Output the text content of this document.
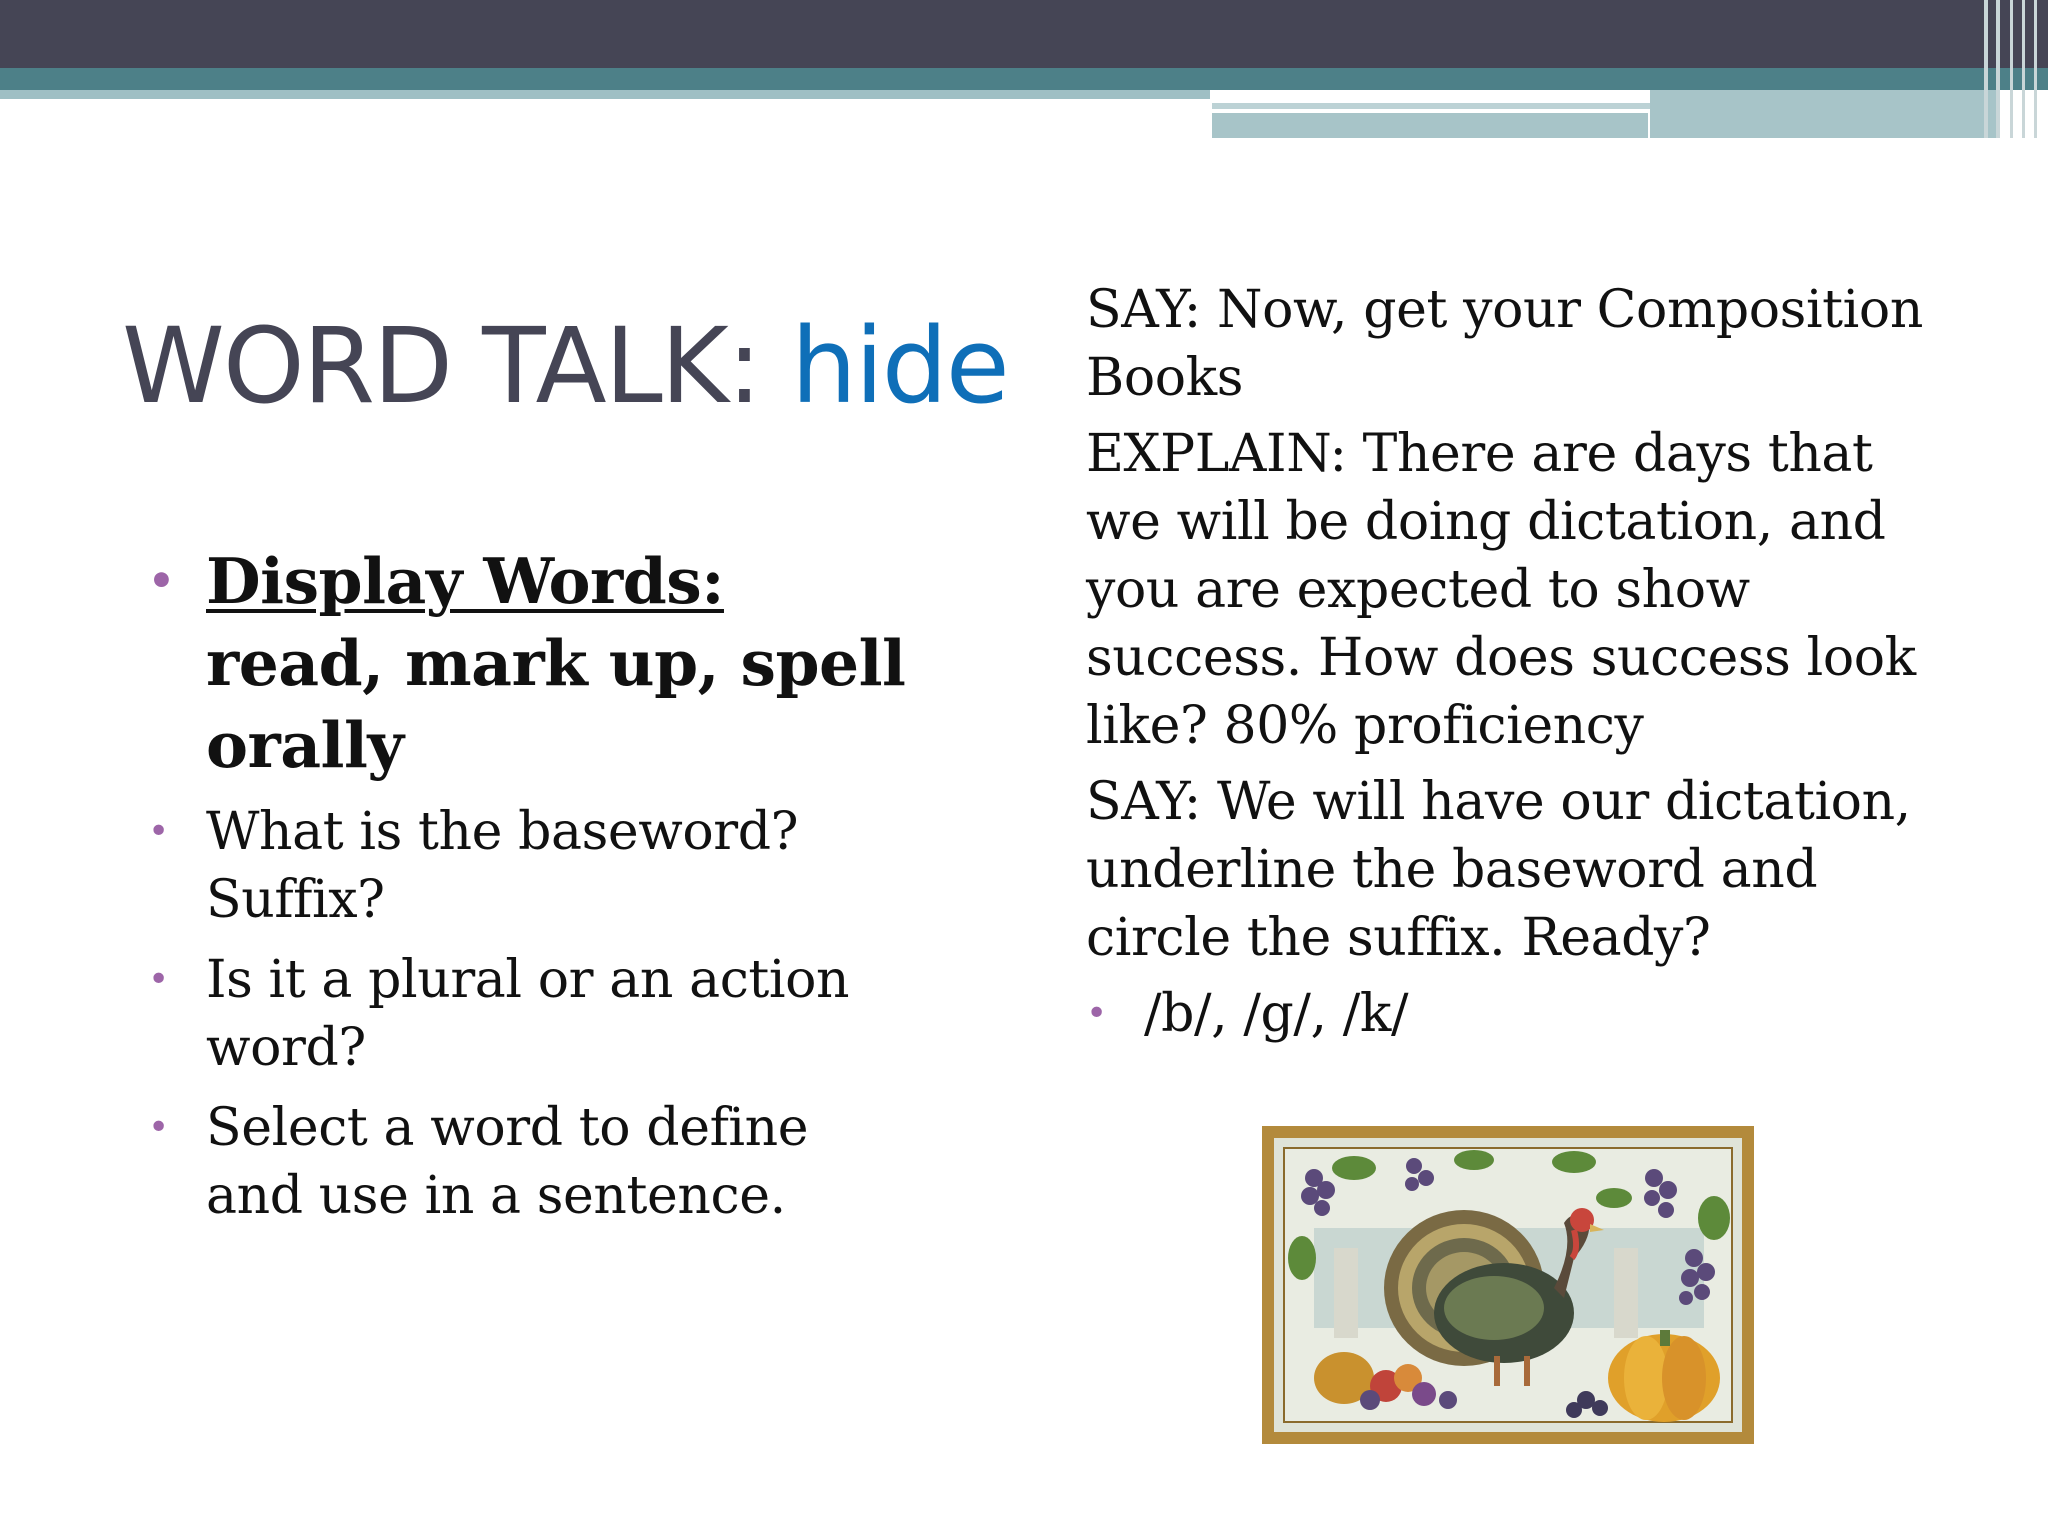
WORD TALK: hide
• Display Words: read, mark up, spell orally
• What is the baseword? Suffix?
• Is it a plural or an action word?
• Select a word to define and use in a sentence.
SAY: Now, get your Composition Books
EXPLAIN: There are days that we will be doing dictation, and you are expected to show success. How does success look like? 80% proficiency
SAY: We will have our dictation, underline the baseword and circle the suffix. Ready?
• /b/, /g/, /k/
